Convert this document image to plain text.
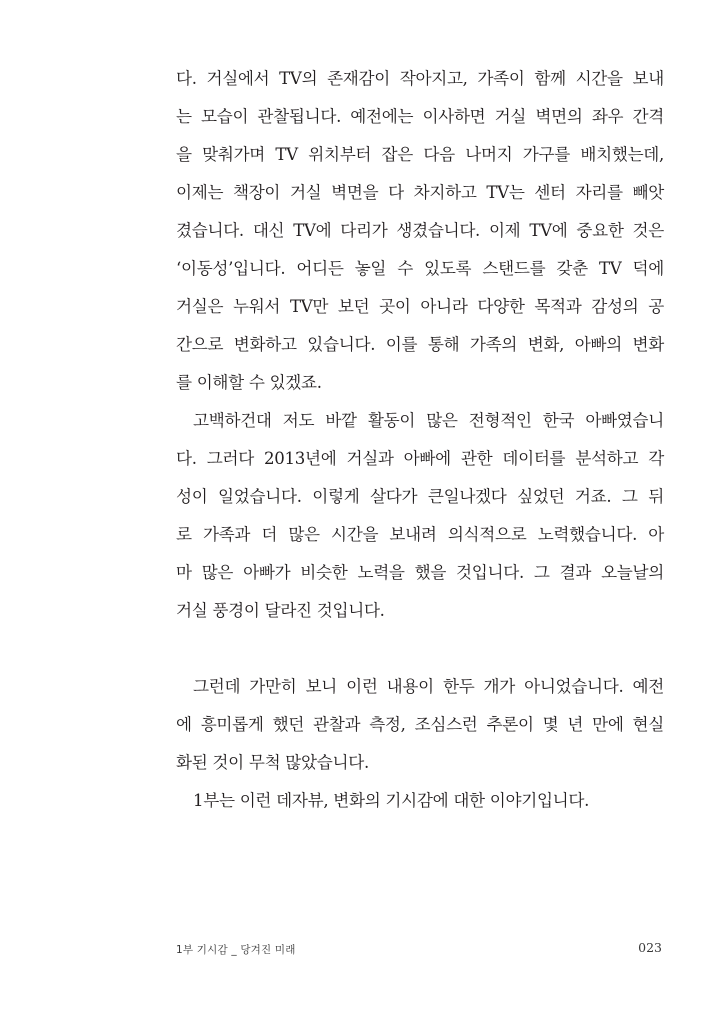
다. 거실에서 TV의 존재감이 작아지고, 가족이 함께 시간을 보내
는 모습이 관찰됩니다. 예전에는 이사하면 거실 벽면의 좌우 간격
을 맞춰가며 TV 위치부터 잡은 다음 나머지 가구를 배치했는데,
이제는 책장이 거실 벽면을 다 차지하고 TV는 센터 자리를 빼앗
겼습니다. 대신 TV에 다리가 생겼습니다. 이제 TV에 중요한 것은
‘이동성’입니다. 어디든 놓일 수 있도록 스탠드를 갖춘 TV 덕에
거실은 누워서 TV만 보던 곳이 아니라 다양한 목적과 감성의 공
간으로 변화하고 있습니다. 이를 통해 가족의 변화, 아빠의 변화
를 이해할 수 있겠죠.
고백하건대 저도 바깥 활동이 많은 전형적인 한국 아빠였습니
다. 그러다 2013년에 거실과 아빠에 관한 데이터를 분석하고 각
성이 일었습니다. 이렇게 살다가 큰일나겠다 싶었던 거죠. 그 뒤
로 가족과 더 많은 시간을 보내려 의식적으로 노력했습니다. 아
마 많은 아빠가 비슷한 노력을 했을 것입니다. 그 결과 오늘날의
거실 풍경이 달라진 것입니다.
그런데 가만히 보니 이런 내용이 한두 개가 아니었습니다. 예전
에 흥미롭게 했던 관찰과 측정, 조심스런 추론이 몇 년 만에 현실
화된 것이 무척 많았습니다.
1부는 이런 데자뷰, 변화의 기시감에 대한 이야기입니다.
1부 기시감 _ 당겨진 미래	023
